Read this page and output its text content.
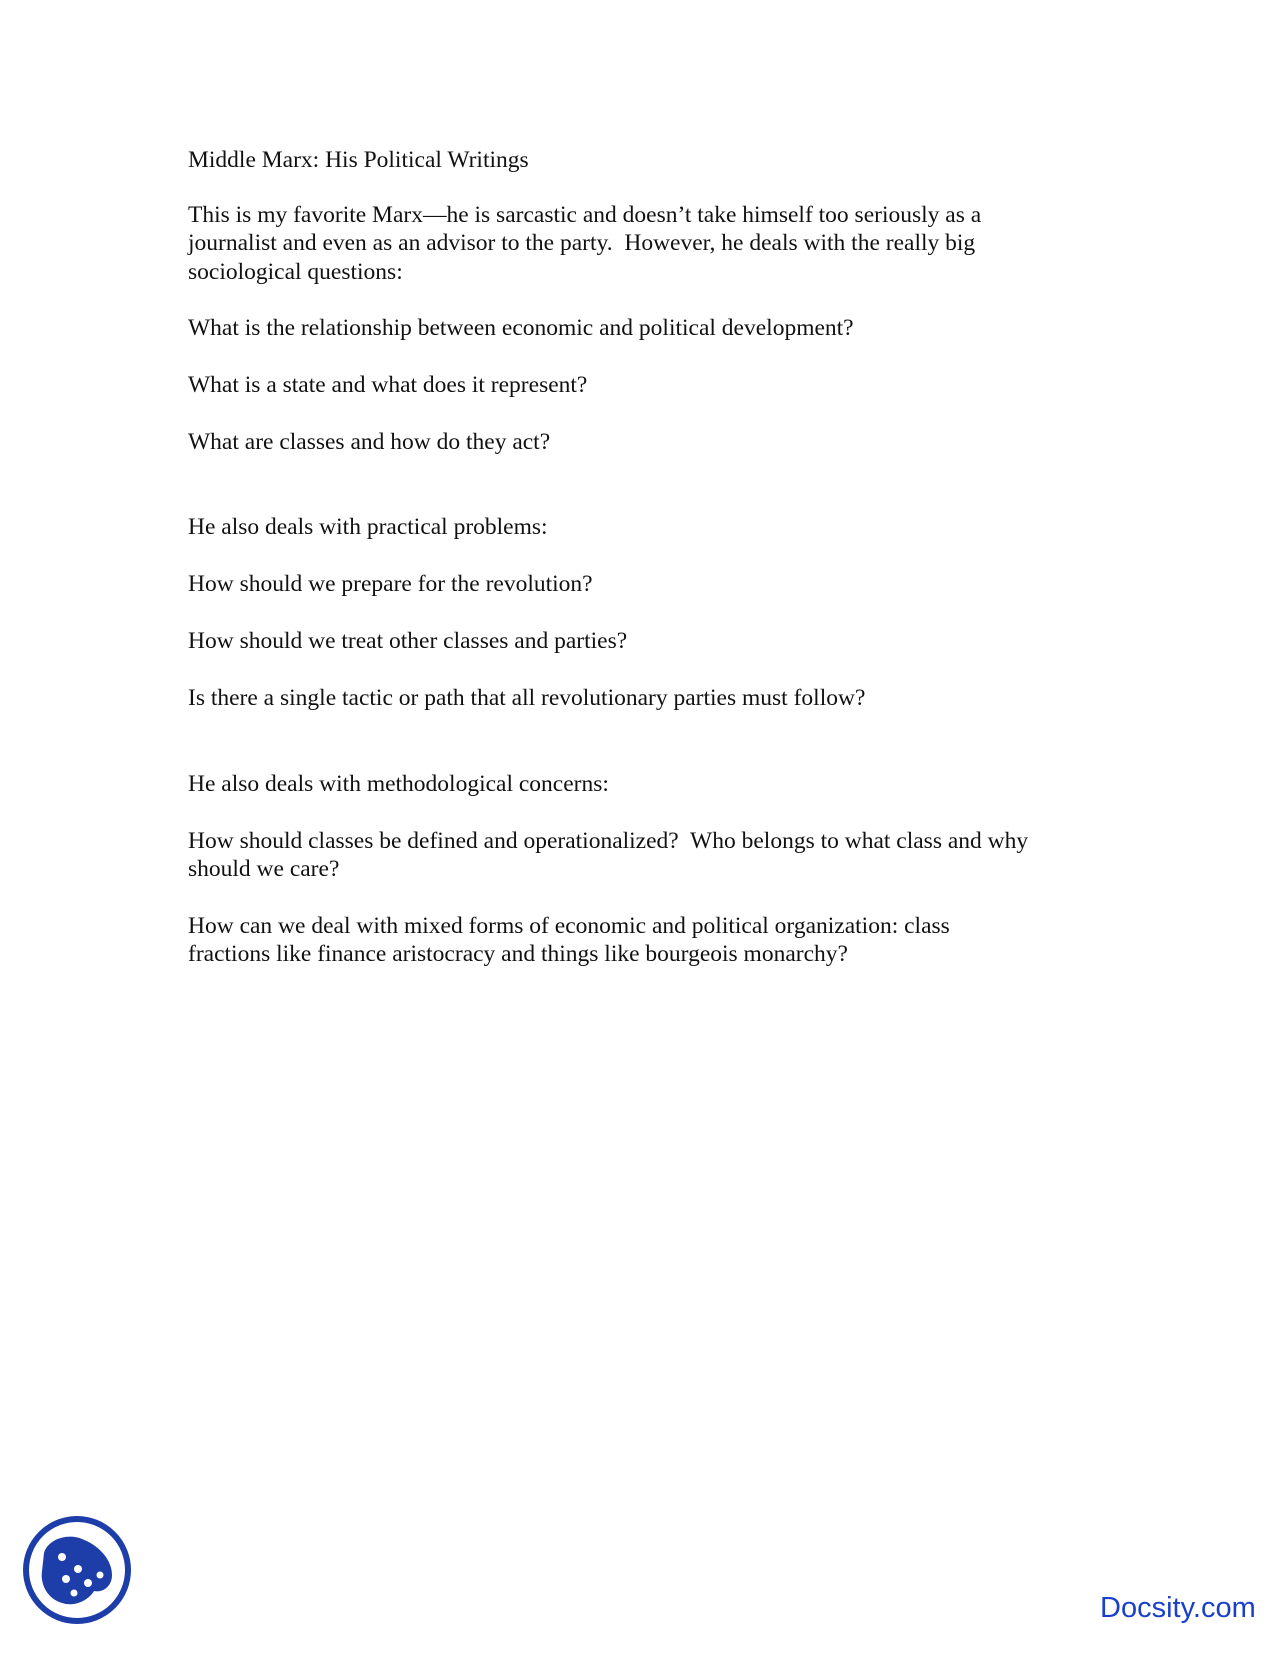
Middle Marx: His Political Writings
This is my favorite Marx—he is sarcastic and doesn’t take himself too seriously as a
journalist and even as an advisor to the party.  However, he deals with the really big
sociological questions:
What is the relationship between economic and political development?
What is a state and what does it represent?
What are classes and how do they act?
He also deals with practical problems:
How should we prepare for the revolution?
How should we treat other classes and parties?
Is there a single tactic or path that all revolutionary parties must follow?
He also deals with methodological concerns:
How should classes be defined and operationalized?  Who belongs to what class and why
should we care?
How can we deal with mixed forms of economic and political organization: class
fractions like finance aristocracy and things like bourgeois monarchy?
Docsity.com
